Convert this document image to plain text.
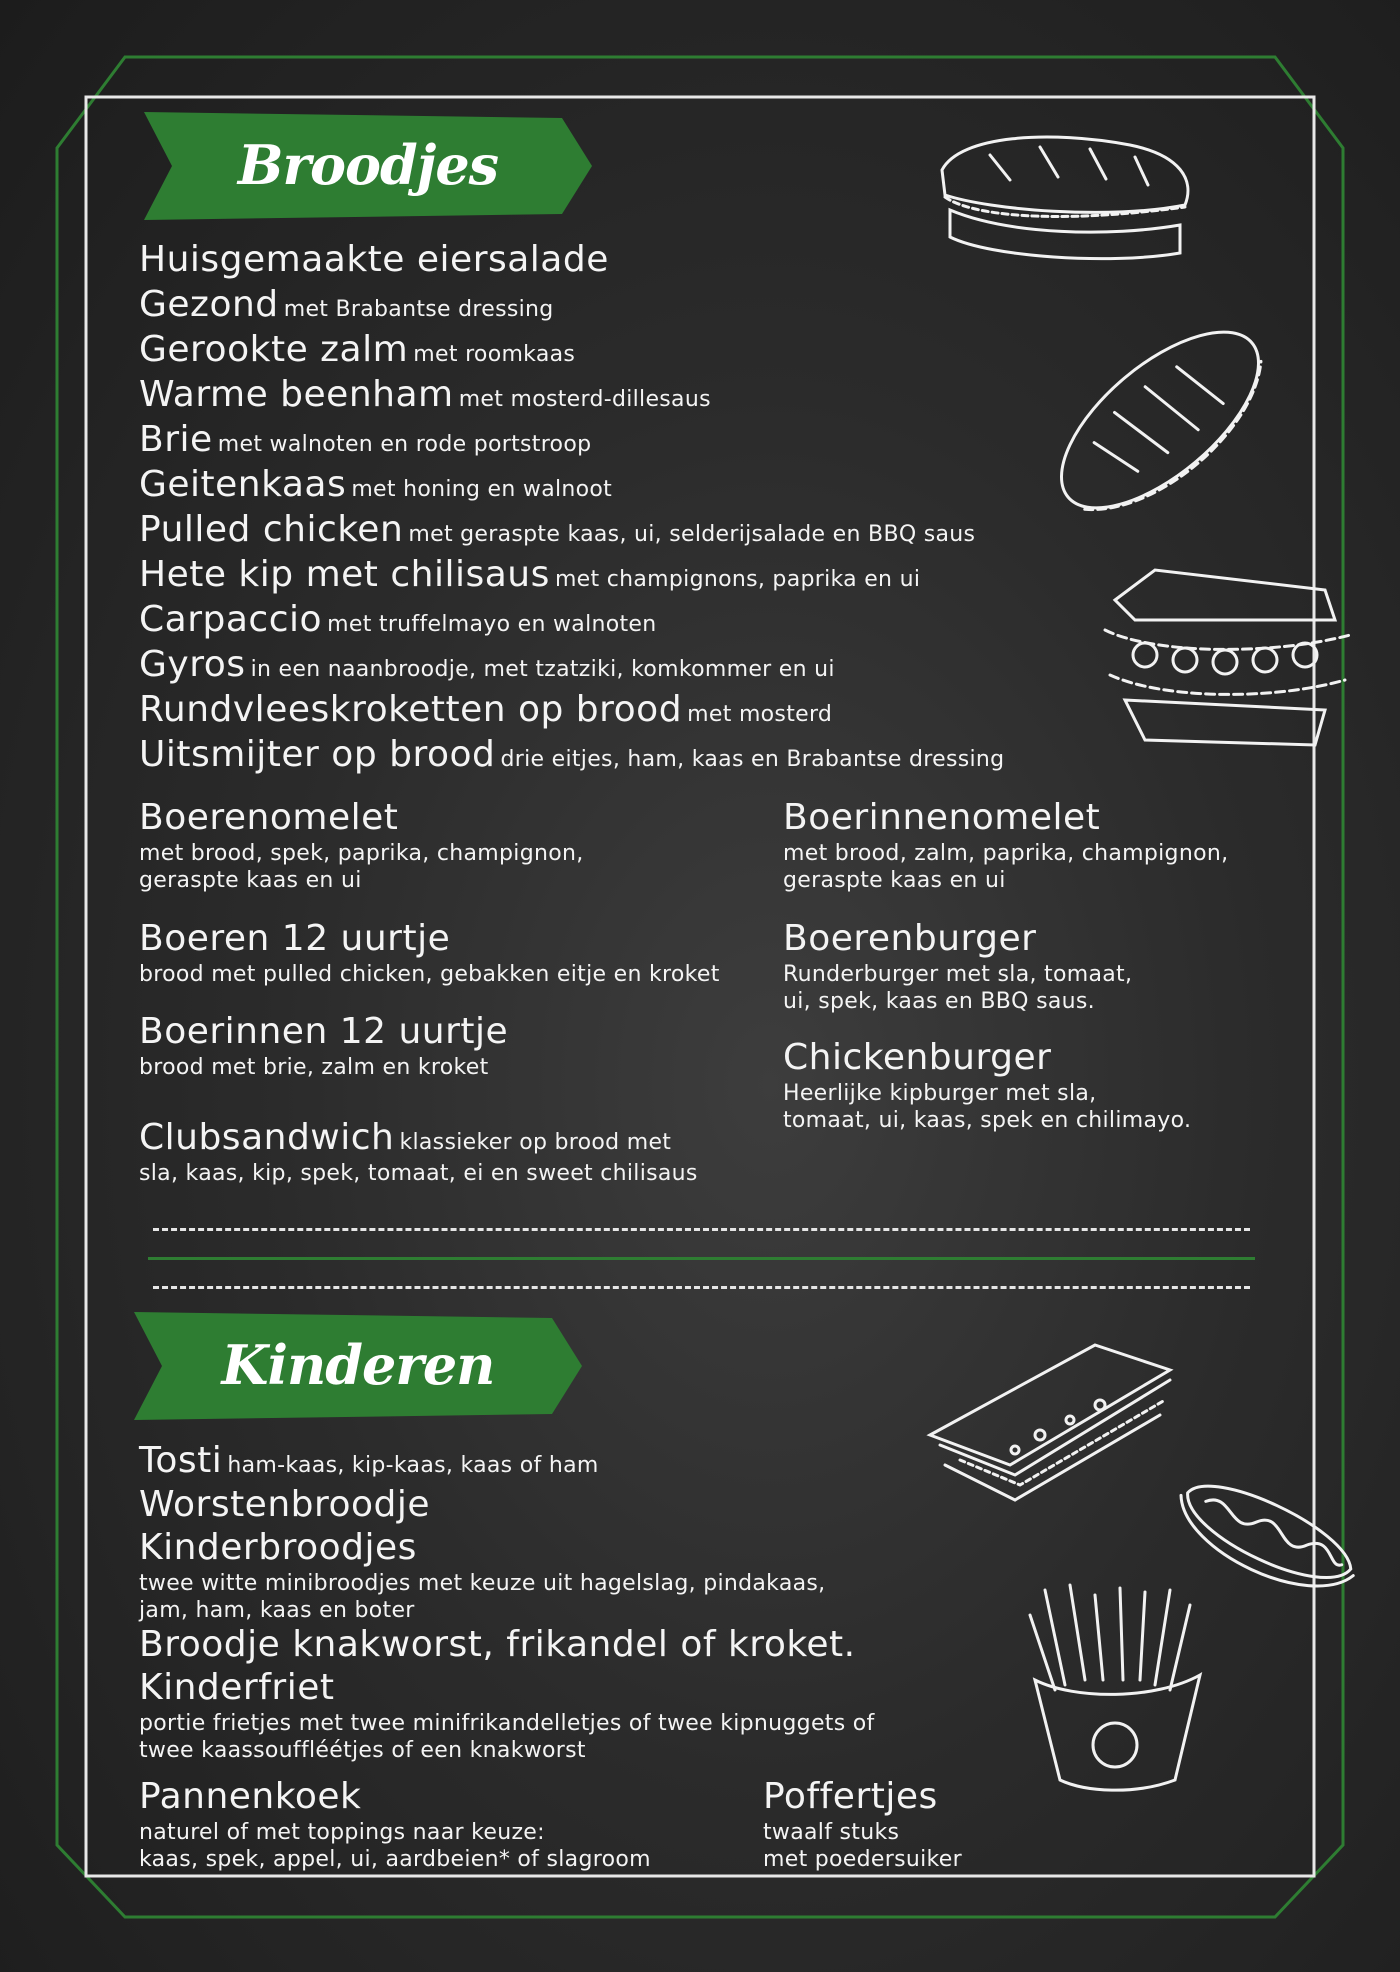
Broodjes
Huisgemaakte eiersalade
Gezond met Brabantse dressing
Gerookte zalm met roomkaas
Warme beenham met mosterd-dillesaus
Brie met walnoten en rode portstroop
Geitenkaas met honing en walnoot
Pulled chicken met geraspte kaas, ui, selderijsalade en BBQ saus
Hete kip met chilisaus met champignons, paprika en ui
Carpaccio met truffelmayo en walnoten
Gyros in een naanbroodje, met tzatziki, komkommer en ui
Rundvleeskroketten op brood met mosterd
Uitsmijter op brood drie eitjes, ham, kaas en Brabantse dressing
Boerenomelet
met brood, spek, paprika, champignon,
geraspte kaas en ui
Boerinnenomelet
met brood, zalm, paprika, champignon,
geraspte kaas en ui
Boeren 12 uurtje
brood met pulled chicken, gebakken eitje en kroket
Boerenburger
Runderburger met sla, tomaat,
ui, spek, kaas en BBQ saus.
Boerinnen 12 uurtje
brood met brie, zalm en kroket	Chickenburger
Heerlijke kipburger met sla,
tomaat, ui, kaas, spek en chilimayo.
Clubsandwich klassieker op brood met
sla, kaas, kip, spek, tomaat, ei en sweet chilisaus
Kinderen
Tosti ham-kaas, kip-kaas, kaas of ham
Worstenbroodje
Kinderbroodjes
twee witte minibroodjes met keuze uit hagelslag, pindakaas,
jam, ham, kaas en boter
Broodje knakworst, frikandel of kroket.
Kinderfriet
portie frietjes met twee minifrikandelletjes of twee kipnuggets of
twee kaassouffléétjes of een knakworst
Pannenkoek
naturel of met toppings naar keuze:
kaas, spek, appel, ui, aardbeien* of slagroom
Poffertjes
twaalf stuks
met poedersuiker
